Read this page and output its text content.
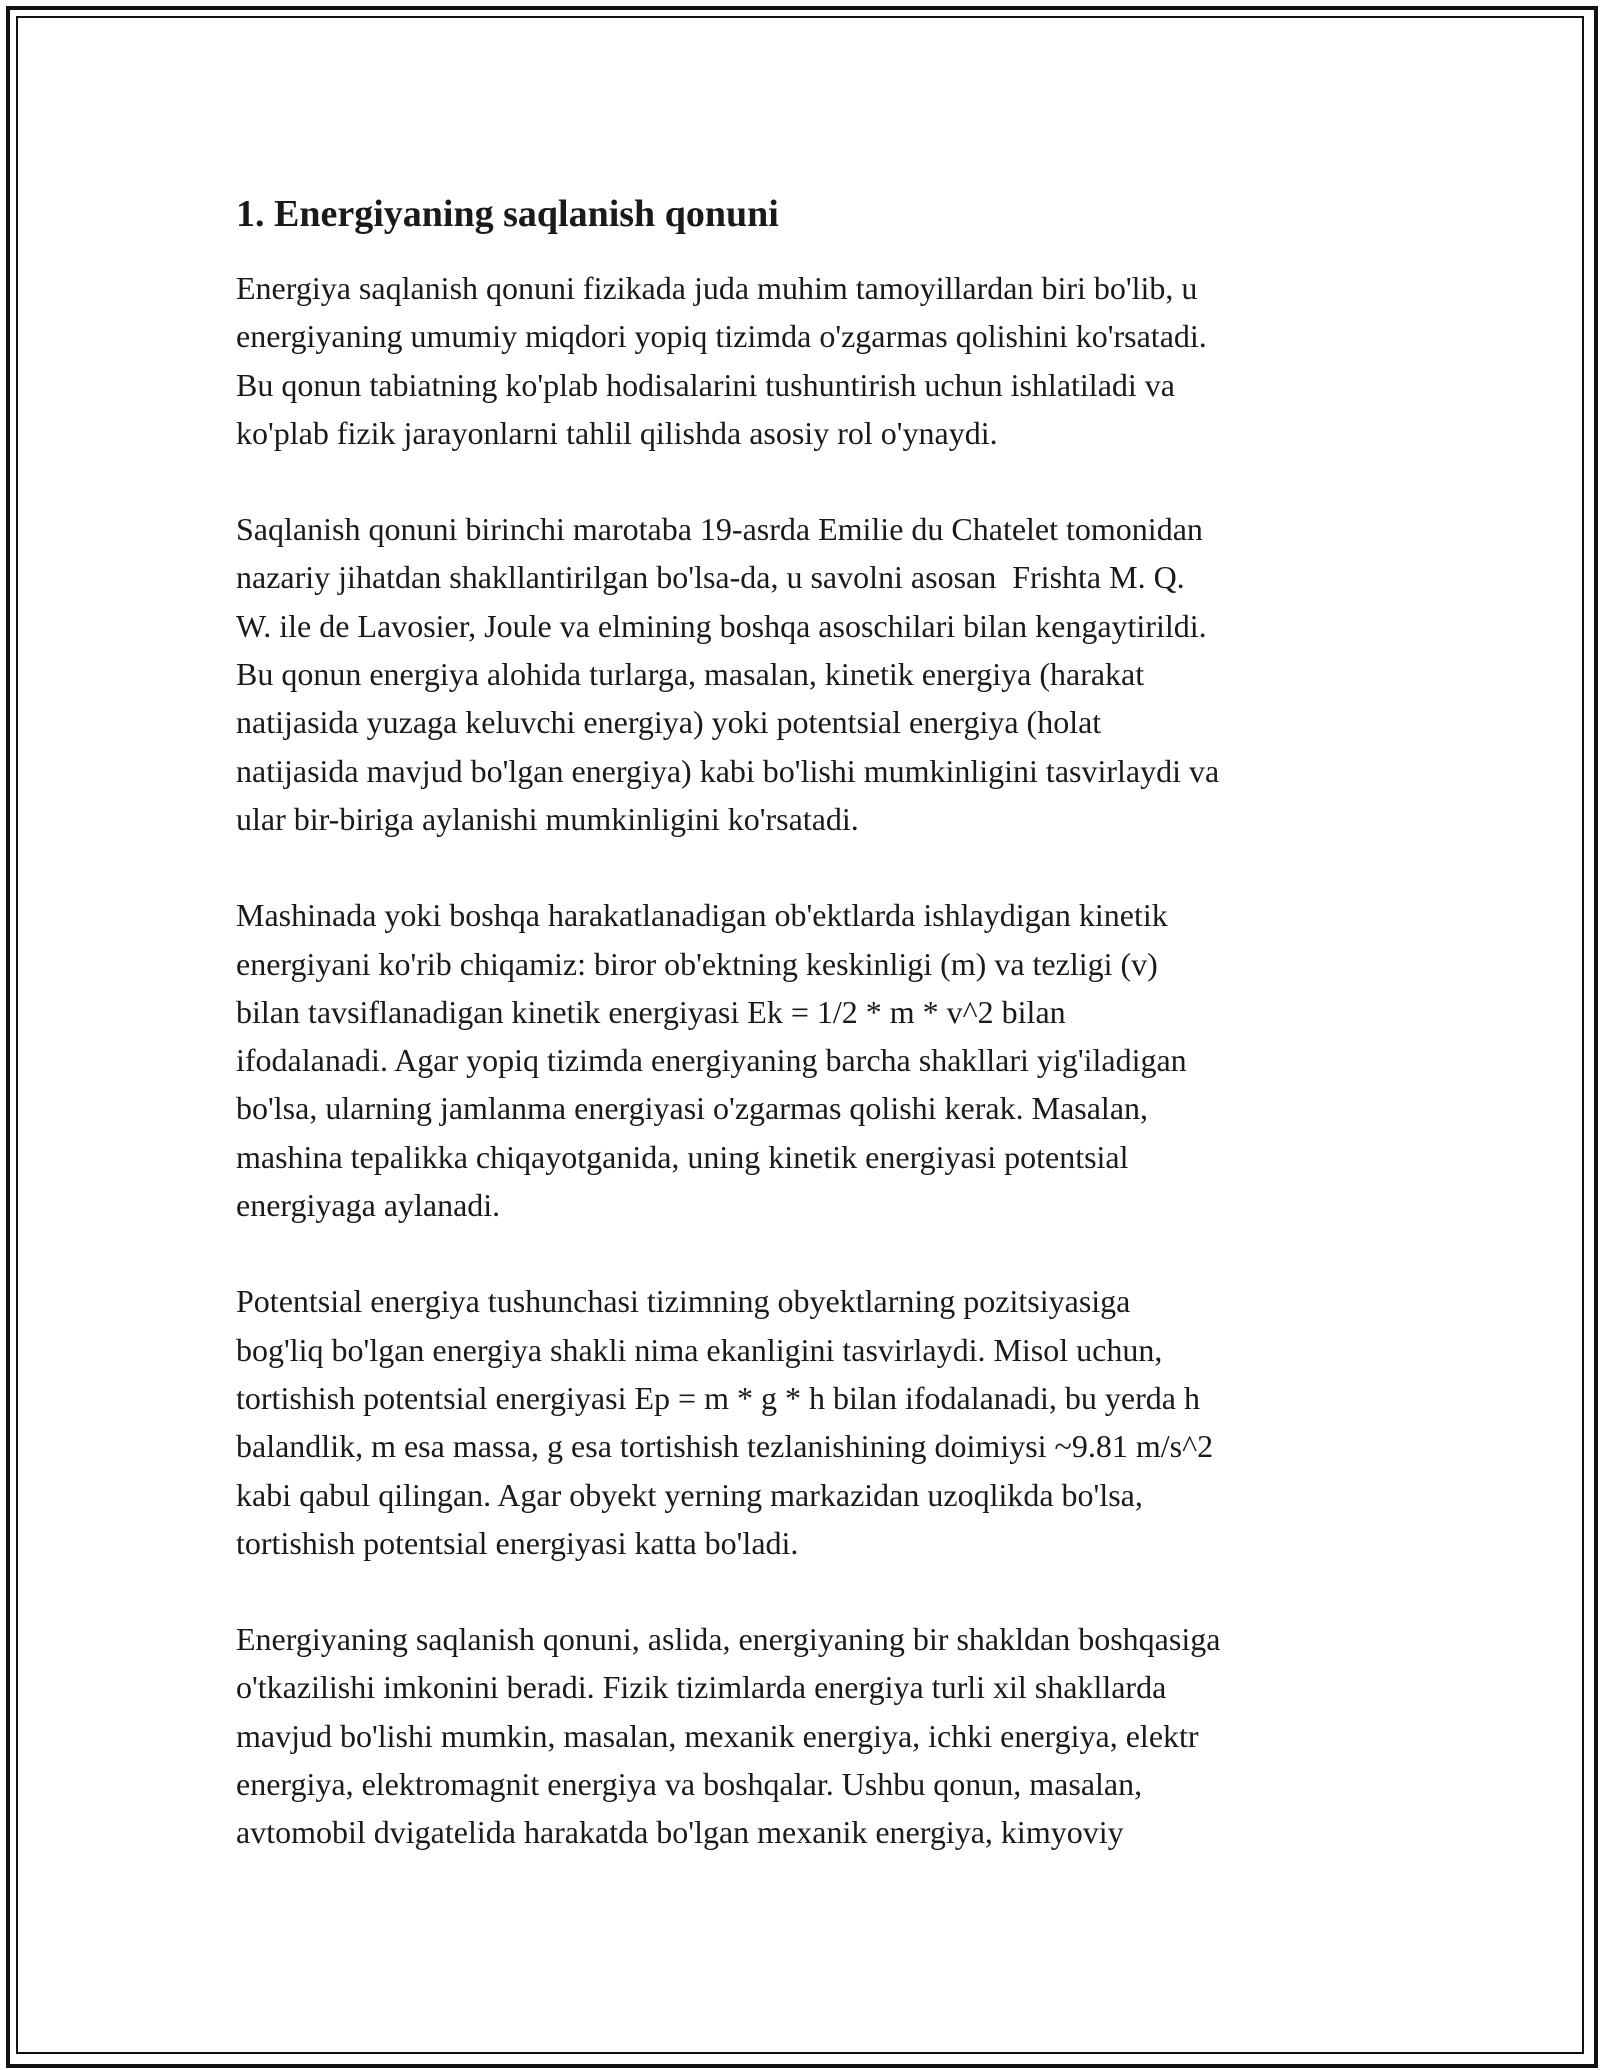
1. Energiyaning saqlanish qonuni

Energiya saqlanish qonuni fizikada juda muhim tamoyillardan biri bo'lib, u
energiyaning umumiy miqdori yopiq tizimda o'zgarmas qolishini ko'rsatadi.
Bu qonun tabiatning ko'plab hodisalarini tushuntirish uchun ishlatiladi va
ko'plab fizik jarayonlarni tahlil qilishda asosiy rol o'ynaydi.

Saqlanish qonuni birinchi marotaba 19-asrda Emilie du Chatelet tomonidan
nazariy jihatdan shakllantirilgan bo'lsa-da, u savolni asosan  Frishta M. Q.
W. ile de Lavosier, Joule va elmining boshqa asoschilari bilan kengaytirildi.
Bu qonun energiya alohida turlarga, masalan, kinetik energiya (harakat
natijasida yuzaga keluvchi energiya) yoki potentsial energiya (holat
natijasida mavjud bo'lgan energiya) kabi bo'lishi mumkinligini tasvirlaydi va
ular bir-biriga aylanishi mumkinligini ko'rsatadi.

Mashinada yoki boshqa harakatlanadigan ob'ektlarda ishlaydigan kinetik
energiyani ko'rib chiqamiz: biror ob'ektning keskinligi (m) va tezligi (v)
bilan tavsiflanadigan kinetik energiyasi Ek = 1/2 * m * v^2 bilan
ifodalanadi. Agar yopiq tizimda energiyaning barcha shakllari yig'iladigan
bo'lsa, ularning jamlanma energiyasi o'zgarmas qolishi kerak. Masalan,
mashina tepalikka chiqayotganida, uning kinetik energiyasi potentsial
energiyaga aylanadi.

Potentsial energiya tushunchasi tizimning obyektlarning pozitsiyasiga
bog'liq bo'lgan energiya shakli nima ekanligini tasvirlaydi. Misol uchun,
tortishish potentsial energiyasi Ep = m * g * h bilan ifodalanadi, bu yerda h
balandlik, m esa massa, g esa tortishish tezlanishining doimiysi ~9.81 m/s^2
kabi qabul qilingan. Agar obyekt yerning markazidan uzoqlikda bo'lsa,
tortishish potentsial energiyasi katta bo'ladi.

Energiyaning saqlanish qonuni, aslida, energiyaning bir shakldan boshqasiga
o'tkazilishi imkonini beradi. Fizik tizimlarda energiya turli xil shakllarda
mavjud bo'lishi mumkin, masalan, mexanik energiya, ichki energiya, elektr
energiya, elektromagnit energiya va boshqalar. Ushbu qonun, masalan,
avtomobil dvigatelida harakatda bo'lgan mexanik energiya, kimyoviy
